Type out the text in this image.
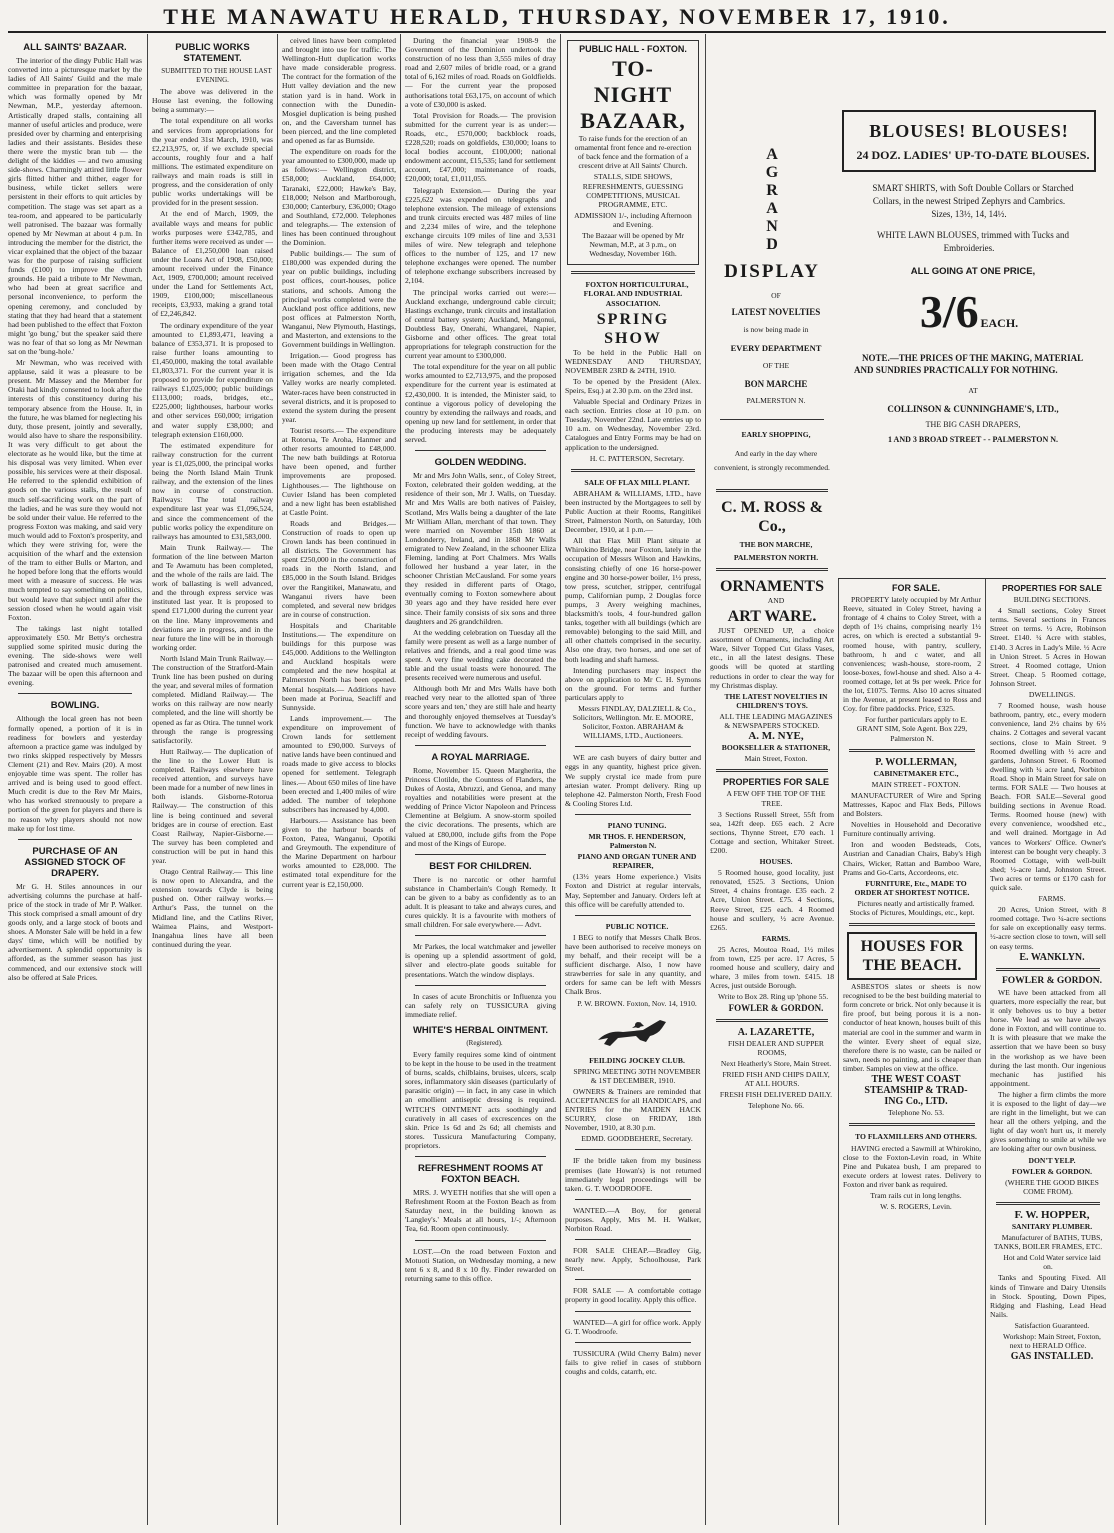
THE MANAWATU HERALD, THURSDAY, NOVEMBER 17, 1910.
ALL SAINTS' BAZAAR.

The interior of the dingy Public Hall was converted into a picturesque market by the ladies of All Saints' Guild and the male committee in preparation for the bazaar, which was formally opened by Mr Newman, M.P., yesterday afternoon. Artistically draped stalls, containing all manner of useful articles and produce, were presided over by charming and enterprising ladies and their assistants. Besides these there were the mystic bran tub — the delight of the kiddies — and two amusing side-shows. Charmingly attired little flower girls flitted hither and thither, eager for business, while ticket sellers were persistent in their efforts to quit articles by competition. The stage was set apart as a tea-room, and appeared to be particularly well patronised. The bazaar was formally opened by Mr Newman at about 4 p.m. In introducing the member for the district, the vicar explained that the object of the bazaar was for the purpose of raising sufficient funds (£100) to improve the church grounds. He paid a tribute to Mr Newman, who had been at great sacrifice and personal inconvenience, to perform the opening ceremony, and concluded by stating that they had heard that a statement had been published to the effect that Foxton might 'go bung,' but the speaker said there was no fear of that so long as Mr Newman sat on the 'bung-hole.'

Mr Newman, who was received with applause, said it was a pleasure to be present. Mr Massey and the Member for Otaki had kindly consented to look after the interests of this constituency during his temporary absence from the House. It, in the future, he was blamed for neglecting his duty, those present, jointly and severally, would also have to share the responsibility. It was very difficult to get about the electorate as he would like, but the time at his disposal was very limited. When ever possible, his services were at their disposal. He referred to the splendid exhibition of goods on the various stalls, the result of much self-sacrificing work on the part of the ladies, and he was sure they would not be sold under their value. He referred to the progress Foxton was making, and said very much would add to Foxton's prosperity, and which they were striving for, were the acquisition of the wharf and the extension of the tram to either Bulls or Marton, and he hoped before long that the efforts would meet with a measure of success. He was much tempted to say something on politics, but would leave that subject until after the session closed when he would again visit Foxton.

The takings last night totalled approximately £50. Mr Betty's orchestra supplied some spirited music during the evening. The side-shows were well patronised and created much amusement. The bazaar will be open this afternoon and evening.

BOWLING.

Although the local green has not been formally opened, a portion of it is in readiness for bowlers and yesterday afternoon a practice game was indulged by two rinks skipped respectively by Messrs Clement (21) and Rev. Mairs (20). A most enjoyable time was spent. The roller has arrived and is being used to good effect. Much credit is due to the Rev Mr Mairs, who has worked strenuously to prepare a portion of the green for players and there is no reason why players should not now make up for lost time.

PURCHASE OF AN ASSIGNED STOCK OF DRAPERY.

Mr G. H. Stiles announces in our advertising columns the purchase at half-price of the stock in trade of Mr P. Walker. This stock comprised a small amount of dry goods only, and a large stock of boots and shoes. A Monster Sale will be held in a few days' time, which will be notified by advertisement. A splendid opportunity is afforded, as the summer season has just commenced, and our extensive stock will also be offered at Sale Prices.

PUBLIC WORKS STATEMENT.

SUBMITTED TO THE HOUSE LAST EVENING.

The above was delivered in the House last evening, the following being a summary:—

The total expenditure on all works and services from appropriations for the year ended 31st March, 1910, was £2,213,975, or, if we exclude special accounts, roughly four and a half millions. The estimated expenditure on railways and main roads is still in progress, and the consideration of only public works undertakings will be provided for in the present session.

At the end of March, 1909, the available ways and means for public works purposes were £342,785, and further items were received as under — Balance of £1,250,000 loan raised under the Loans Act of 1908, £50,000; amount received under the Finance Act, 1909, £700,000; amount received under the Land for Settlements Act, 1909, £100,000; miscellaneous receipts, £3,933, making a grand total of £2,246,842.

The ordinary expenditure of the year amounted to £1,893,471, leaving a balance of £353,371. It is proposed to raise further loans amounting to £1,450,000, making the total available £1,803,371. For the current year it is proposed to provide for expenditure on railways £1,025,000; public buildings £113,000; roads, bridges, etc., £225,000; lighthouses, harbour works and other services £60,000; irrigation and water supply £38,000; and telegraph extension £160,000.

The estimated expenditure for railway construction for the current year is £1,025,000, the principal works being the North Island Main Trunk railway, and the extension of the lines now in course of construction. Railways: The total railway expenditure last year was £1,096,524, and since the commencement of the public works policy the expenditure on railways has amounted to £31,583,000.

Main Trunk Railway.— The formation of the line between Marton and Te Awamutu has been completed, and the whole of the rails are laid. The work of ballasting is well advanced, and the through express service was instituted last year. It is proposed to spend £171,000 during the current year on the line. Many improvements and deviations are in progress, and in the near future the line will be in thorough working order.

North Island Main Trunk Railway.— The construction of the Stratford-Main Trunk line has been pushed on during the year, and several miles of formation completed. Midland Railway.— The works on this railway are now nearly completed, and the line will shortly be opened as far as Otira. The tunnel work through the range is progressing satisfactorily.

Hutt Railway.— The duplication of the line to the Lower Hutt is completed. Railways elsewhere have received attention, and surveys have been made for a number of new lines in both islands. Gisborne-Rotorua Railway.— The construction of this line is being continued and several bridges are in course of erection. East Coast Railway, Napier-Gisborne.— The survey has been completed and construction will be put in hand this year.

Otago Central Railway.— This line is now open to Alexandra, and the extension towards Clyde is being pushed on. Other railway works.— Arthur's Pass, the tunnel on the Midland line, and the Catlins River, Waimea Plains, and Westport-Inangahua lines have all been continued during the year.

ceived lines have been completed and brought into use for traffic. The Wellington-Hutt duplication works have made considerable progress. The contract for the formation of the Hutt valley deviation and the new station yard is in hand. Work in connection with the Dunedin-Mosgiel duplication is being pushed on, and the Caversham tunnel has been pierced, and the line completed and opened as far as Burnside.

The expenditure on roads for the year amounted to £300,000, made up as follows:— Wellington district, £58,000; Auckland, £64,000; Taranaki, £22,000; Hawke's Bay, £18,000; Nelson and Marlborough, £30,000; Canterbury, £36,000; Otago and Southland, £72,000. Telephones and telegraphs.— The extension of lines has been continued throughout the Dominion.

Public buildings.— The sum of £180,000 was expended during the year on public buildings, including post offices, court-houses, police stations, and schools. Among the principal works completed were the Auckland post office additions, new post offices at Palmerston North, Wanganui, New Plymouth, Hastings, and Masterton, and extensions to the Government buildings in Wellington.

Irrigation.— Good progress has been made with the Otago Central irrigation schemes, and the Ida Valley works are nearly completed. Water-races have been constructed in several districts, and it is proposed to extend the system during the present year.

Tourist resorts.— The expenditure at Rotorua, Te Aroha, Hanmer and other resorts amounted to £48,000. The new bath buildings at Rotorua have been opened, and further improvements are proposed. Lighthouses.— The lighthouse on Cuvier Island has been completed and a new light has been established at Castle Point.

Roads and Bridges.— Construction of roads to open up Crown lands has been continued in all districts. The Government has spent £250,000 in the construction of roads in the North Island, and £85,000 in the South Island. Bridges over the Rangitikei, Manawatu, and Wanganui rivers have been completed, and several new bridges are in course of construction.

Hospitals and Charitable Institutions.— The expenditure on buildings for this purpose was £45,000. Additions to the Wellington and Auckland hospitals were completed and the new hospital at Palmerston North has been opened. Mental hospitals.— Additions have been made at Porirua, Seacliff and Sunnyside.

Lands improvement.— The expenditure on improvement of Crown lands for settlement amounted to £90,000. Surveys of native lands have been continued and roads made to give access to blocks opened for settlement. Telegraph lines.— About 650 miles of line have been erected and 1,400 miles of wire added. The number of telephone subscribers has increased by 4,000.

Harbours.— Assistance has been given to the harbour boards of Foxton, Patea, Wanganui, Opotiki and Greymouth. The expenditure of the Marine Department on harbour works amounted to £28,000. The estimated total expenditure for the current year is £2,150,000.

During the financial year 1908-9 the Government of the Dominion undertook the construction of no less than 3,555 miles of dray road and 2,607 miles of bridle road, or a grand total of 6,162 miles of road. Roads on Goldfields.— For the current year the proposed authorisations total £63,175, on account of which a vote of £30,000 is asked.

Total Provision for Roads.— The provision submitted for the current year is as under:— Roads, etc., £570,000; backblock roads, £228,520; roads on goldfields, £30,000; loans to local bodies account, £100,000; national endowment account, £15,535; land for settlement account, £47,000; maintenance of roads, £20,000; total, £1,011,055.

Telegraph Extension.— During the year £225,622 was expended on telegraphs and telephone extension. The mileage of extensions and trunk circuits erected was 487 miles of line and 2,234 miles of wire, and the telephone exchange circuits 109 miles of line and 3,531 miles of wire. New telegraph and telephone offices to the number of 125, and 17 new telephone exchanges were opened. The number of telephone exchange subscribers increased by 2,104.

The principal works carried out were:— Auckland exchange, underground cable circuit; Hastings exchange, trunk circuits and installation of central battery system; Auckland, Mangonui, Doubtless Bay, Onerahi, Whangarei, Napier, Gisborne and other offices. The great total appropriations for telegraph construction for the current year amount to £300,000.

The total expenditure for the year on all public works amounted to £2,713,975, and the proposed expenditure for the current year is estimated at £2,430,000. It is intended, the Minister said, to continue a vigorous policy of developing the country by extending the railways and roads, and opening up new land for settlement, in order that the producing interests may be adequately served.

GOLDEN WEDDING.

Mr and Mrs John Walls, senr., of Coley Street, Foxton, celebrated their golden wedding, at the residence of their son, Mr J. Walls, on Tuesday. Mr and Mrs Walls are both natives of Paisley, Scotland, Mrs Walls being a daughter of the late Mr William Allan, merchant of that town. They were married on November 15th 1860 at Londonderry, Ireland, and in 1868 Mr Walls emigrated to New Zealand, in the schooner Eliza Fleming, landing at Port Chalmers. Mrs Walls followed her husband a year later, in the schooner Christian McCausland. For some years they resided in different parts of Otago, eventually coming to Foxton somewhere about 30 years ago and they have resided here ever since. Their family consists of six sons and three daughters and 26 grandchildren.

At the wedding celebration on Tuesday all the family were present as well as a large number of relatives and friends, and a real good time was spent. A very fine wedding cake decorated the table and the usual toasts were honoured. The presents received were numerous and useful.

Although both Mr and Mrs Walls have both reached very near to the allotted span of 'three score years and ten,' they are still hale and hearty and thoroughly enjoyed themselves at Tuesday's function. We have to acknowledge with thanks receipt of wedding favours.

A ROYAL MARRIAGE.

Rome, November 15. Queen Margherita, the Princess Clotilde, the Countess of Flanders, the Dukes of Aosta, Abruzzi, and Genoa, and many royalties and notabilities were present at the wedding of Prince Victor Napoleon and Princess Clementine at Belgium. A snow-storm spoiled the civic decorations. The presents, which are valued at £80,000, include gifts from the Pope and most of the Kings of Europe.

BEST FOR CHILDREN.

There is no narcotic or other harmful substance in Chamberlain's Cough Remedy. It can be given to a baby as confidently as to an adult. It is pleasant to take and always cures, and cures quickly. It is a favourite with mothers of small children. For sale everywhere.— Advt.

Mr Parkes, the local watchmaker and jeweller is opening up a splendid assortment of gold, silver and electro-plate goods suitable for presentations. Watch the window displays.

In cases of acute Bronchitis or Influenza you can safely rely on TUSSICURA giving immediate relief.

WHITE'S HERBAL OINTMENT.

(Registered).

Every family requires some kind of ointment to be kept in the house to be used in the treatment of burns, scalds, chilblains, bruises, ulcers, scalp sores, inflammatory skin diseases (particularly of parasitic origin) — in fact, in any case in which an emollient antiseptic dressing is required. WITCH'S OINTMENT acts soothingly and curatively in all cases of excrescences on the skin. Price 1s 6d and 2s 6d; all chemists and stores. Tussicura Manufacturing Company, proprietors.

REFRESHMENT ROOMS AT FOXTON BEACH.

MRS. J. WYETH notifies that she will open a Refreshment Room at the Foxton Beach as from Saturday next, in the building known as 'Langley's.' Meals at all hours, 1/-; Afternoon Tea, 6d. Room open continuously.

LOST.—On the road between Foxton and Motuoti Station, on Wednesday morning, a new tent 6 x 8, and 8 x 10 fly. Finder rewarded on returning same to this office.

PUBLIC HALL - FOXTON.

TO-NIGHT
BAZAAR,

To raise funds for the erection of an ornamental front fence and re-erection of back fence and the formation of a crescent drive at All Saints' Church.

STALLS, SIDE SHOWS, REFRESHMENTS, GUESSING COMPETITIONS, MUSICAL PROGRAMME, ETC.

ADMISSION 1/-, including Afternoon and Evening.

The Bazaar will be opened by Mr Newman, M.P., at 3 p.m., on Wednesday, November 16th.

FOXTON HORTICULTURAL, FLORAL AND INDUSTRIAL ASSOCIATION.

SPRING SHOW

To be held in the Public Hall on WEDNESDAY AND THURSDAY, NOVEMBER 23RD & 24TH, 1910.

To be opened by the President (Alex. Speirs, Esq.) at 2.30 p.m. on the 23rd inst.

Valuable Special and Ordinary Prizes in each section. Entries close at 10 p.m. on Tuesday, November 22nd. Late entries up to 10 a.m. on Wednesday, November 23rd. Catalogues and Entry Forms may be had on application to the undersigned.

H. C. PATTERSON, Secretary.

SALE OF FLAX MILL PLANT.

ABRAHAM & WILLIAMS, LTD., have been instructed by the Mortgagees to sell by Public Auction at their Rooms, Rangitikei Street, Palmerston North, on Saturday, 10th December, 1910, at 1 p.m.—

All that Flax Mill Plant situate at Whirokino Bridge, near Foxton, lately in the occupation of Messrs Wilson and Hawkins, consisting chiefly of one 16 horse-power engine and 30 horse-power boiler, 1½ press, tow press, scutcher, stripper, centrifugal pump, Californian pump, 2 Douglas force pumps, 3 Avery weighing machines, blacksmith's tools, 4 four-hundred gallon tanks, together with all buildings (which are removable) belonging to the said Mill, and all other chattels comprised in the security. Also one dray, two horses, and one set of both leading and shaft harness.

Intending purchasers may inspect the above on application to Mr C. H. Symons on the ground. For terms and further particulars apply to

Messrs FINDLAY, DALZIELL & Co., Solicitors, Wellington. Mr. E. MOORE, Solicitor, Foxton. ABRAHAM & WILLIAMS, LTD., Auctioneers.

WE are cash buyers of dairy butter and eggs in any quantity, highest price given. We supply crystal ice made from pure artesian water. Prompt delivery. Ring up telephone 42. Palmerston North, Fresh Food & Cooling Stores Ltd.

PIANO TUNING.

MR THOS. F. HENDERSON, Palmerston N.

PIANO AND ORGAN TUNER AND REPAIRER,

(13½ years Home experience.) Visits Foxton and District at regular intervals, May, September and January. Orders left at this office will be carefully attended to.

PUBLIC NOTICE.

I BEG to notify that Messrs Chalk Bros. have been authorised to receive moneys on my behalf, and their receipt will be a sufficient discharge. Also, I now have strawberries for sale in any quantity, and orders for same can be left with Messrs Chalk Bros.

P. W. BROWN. Foxton, Nov. 14, 1910.

FEILDING JOCKEY CLUB.

SPRING MEETING 30TH NOVEMBER & 1ST DECEMBER, 1910.

OWNERS & Trainers are reminded that ACCEPTANCES for all HANDICAPS, and ENTRIES for the MAIDEN HACK SCURRY, close on FRIDAY, 18th November, 1910, at 8.30 p.m.

EDMD. GOODBEHERE, Secretary.

IF the bridle taken from my business premises (late Howan's) is not returned immediately legal proceedings will be taken. G. T. WOODROOFE.

WANTED.—A Boy, for general purposes. Apply, Mrs M. H. Walker, Norbiton Road.

FOR SALE CHEAP.—Bradley Gig, nearly new. Apply, Schoolhouse, Park Street.

FOR SALE — A comfortable cottage property in good locality. Apply this office.

WANTED—A girl for office work. Apply G. T. Woodroofe.

TUSSICURA (Wild Cherry Balm) never fails to give relief in cases of stubborn coughs and colds, catarrh, etc.

A GRAND
DISPLAY

OF

LATEST NOVELTIES

is now being made in

EVERY DEPARTMENT

OF THE

BON MARCHE

PALMERSTON N.

EARLY SHOPPING,

And early in the day where convenient, is strongly recommended.

C. M. ROSS & Co.,

THE BON MARCHE,

PALMERSTON NORTH.

ORNAMENTS

AND

ART WARE.

JUST OPENED UP, a choice assortment of Ornaments, including Art Ware, Silver Topped Cut Glass Vases, etc., in all the latest designs. These goods will be quoted at startling reductions in order to clear the way for my Christmas display.

THE LATEST NOVELTIES IN CHILDREN'S TOYS.

ALL THE LEADING MAGAZINES & NEWSPAPERS STOCKED.

A. M. NYE,

BOOKSELLER & STATIONER,

Main Street, Foxton.

PROPERTIES FOR SALE

A FEW OFF THE TOP OF THE TREE.

3 Sections Russell Street, 55ft from sea, 142ft deep. £65 each. 2 Acre sections, Thynne Street, £70 each. 1 Cottage and section, Whitaker Street. £200.

HOUSES.

5 Roomed house, good locality, just renovated, £525. 3 Sections, Union Street, 4 chains frontage. £35 each. 2 Acre, Union Street. £75. 4 Sections, Reeve Street, £25 each. 4 Roomed house and scullery, ½ acre Avenue. £265.

FARMS.

25 Acres, Moutoa Road, 1½ miles from town, £25 per acre. 17 Acres, 5 roomed house and scullery, dairy and whare, 3 miles from town. £415. 18 Acres, just outside Borough.

Write to Box 28. Ring up 'phone 55.

FOWLER & GORDON.

A. LAZARETTE,

FISH DEALER AND SUPPER ROOMS,

Next Heatherly's Store, Main Street.

FRIED FISH AND CHIPS DAILY, AT ALL HOURS.

FRESH FISH DELIVERED DAILY.

Telephone No. 66.

BLOUSES! BLOUSES!

24 DOZ. LADIES' UP-TO-DATE BLOUSES.

SMART SHIRTS, with Soft Double Collars or Starched Collars, in the newest Striped Zephyrs and Cambrics. Sizes, 13½, 14, 14½.

WHITE LAWN BLOUSES, trimmed with Tucks and Embroideries.

ALL GOING AT ONE PRICE,

3/6 EACH.

NOTE.—THE PRICES OF THE MAKING, MATERIAL AND SUNDRIES PRACTICALLY FOR NOTHING.

AT

COLLINSON & CUNNINGHAME'S, LTD.,

THE BIG CASH DRAPERS,

1 AND 3 BROAD STREET - - PALMERSTON N.

FOR SALE.

PROPERTY lately occupied by Mr Arthur Reeve, situated in Coley Street, having a frontage of 4 chains to Coley Street, with a depth of 1½ chains, comprising nearly 1½ acres, on which is erected a substantial 9-roomed house, with pantry, scullery, bathroom, h and c water, and all conveniences; wash-house, store-room, 2 loose-boxes, fowl-house and shed. Also a 4-roomed cottage, let at 9s per week. Price for the lot, £1075. Terms. Also 10 acres situated in the Avenue, at present leased to Ross and Coy. for fibre paddocks. Price, £325.

For further particulars apply to E. GRANT SIM, Sole Agent. Box 229, Palmerston N.

P. WOLLERMAN,

CABINETMAKER ETC.,

MAIN STREET - FOXTON.

MANUFACTURER of Wire and Spring Mattresses, Kapoc and Flax Beds, Pillows and Bolsters.

Novelties in Household and Decorative Furniture continually arriving.

Iron and wooden Bedsteads, Cots, Austrian and Canadian Chairs, Baby's High Chairs, Wicker, Rattan and Bamboo Ware, Prams and Go-Carts, Accordeons, etc.

FURNITURE, Etc., MADE TO ORDER AT SHORTEST NOTICE.

Pictures neatly and artistically framed. Stocks of Pictures, Mouldings, etc., kept.

HOUSES FOR
THE BEACH.

ASBESTOS slates or sheets is now recognised to be the best building material to form concrete or brick. Not only because it is fire proof, but being porous it is a non-conductor of heat known, houses built of this material are cool in the summer and warm in the winter. Every sheet of equal size, therefore there is no waste, can be nailed or sawn, needs no painting, and is cheaper than timber. Samples on view at the office.

THE WEST COAST

STEAMSHIP & TRAD-

ING Co., LTD.

Telephone No. 53.

TO FLAXMILLERS AND OTHERS.

HAVING erected a Sawmill at Whirokino, close to the Foxton-Levin road, in White Pine and Pukatea bush, I am prepared to execute orders at lowest rates. Delivery to Foxton and river bank as required.

Tram rails cut in long lengths.

W. S. ROGERS, Levin.

PROPERTIES FOR SALE

BUILDING SECTIONS.

4 Small sections, Coley Street terms. Several sections in Frances Street on terms. ½ Acre, Robinson Street. £140. ¼ Acre with stables, £140. 3 Acres in Lady's Mile. ½ Acre in Union Street. 5 Acres in Howan Street. 4 Roomed cottage, Union Street. Cheap. 5 Roomed cottage, Johnson Street.

DWELLINGS.

7 Roomed house, wash house bathroom, pantry, etc., every modern convenience, land 2½ chains by 6½ chains. 2 Cottages and several vacant sections, close to Main Street. 9 Roomed dwelling with ½ acre and gardens, Johnson Street. 6 Roomed dwelling with ¼ acre land, Norbiton Road. Shop in Main Street for sale on terms. FOR SALE — Two houses at Beach. FOR SALE—Several good building sections in Avenue Road. Terms. Roomed house (new) with every convenience, woodshed etc., and well drained. Mortgage in Ad vances to Workers' Office. Owner's interest can be bought very cheaply. 3 Roomed Cottage, with well-built shed; ½-acre land, Johnston Street. Two acres or terms or £170 cash for quick sale.

FARMS.

20 Acres, Union Street, with 8 roomed cottage. Two ¼-acre sections for sale on exceptionally easy terms. ½-acre section close to town, will sell on easy terms.

E. WANKLYN.

FOWLER & GORDON.

WE have been attacked from all quarters, more especially the rear, but it only behoves us to buy a better horse. We lead as we have always done in Foxton, and will continue to. It is with pleasure that we make the assertion that we have been so busy in the workshop as we have been during the last month. Our ingenious mechanic has justified his appointment.

The higher a firm climbs the more it is exposed to the light of day—we are right in the limelight, but we can hear all the others yelping, and the light of day won't hurt us, it merely gives something to smile at while we are looking after our own business.

DON'T YELP.

FOWLER & GORDON.

(WHERE THE GOOD BIKES COME FROM).

F. W. HOPPER,

SANITARY PLUMBER.

Manufacturer of BATHS, TUBS, TANKS, BOILER FRAMES, ETC.

Hot and Cold Water service laid on.

Tanks and Spouting Fixed. All kinds of Tinware and Dairy Utensils in Stock. Spouting, Down Pipes, Ridging and Flashing, Lead Head Nails.

Satisfaction Guaranteed.

Workshop: Main Street, Foxton, next to HERALD Office.

GAS INSTALLED.
